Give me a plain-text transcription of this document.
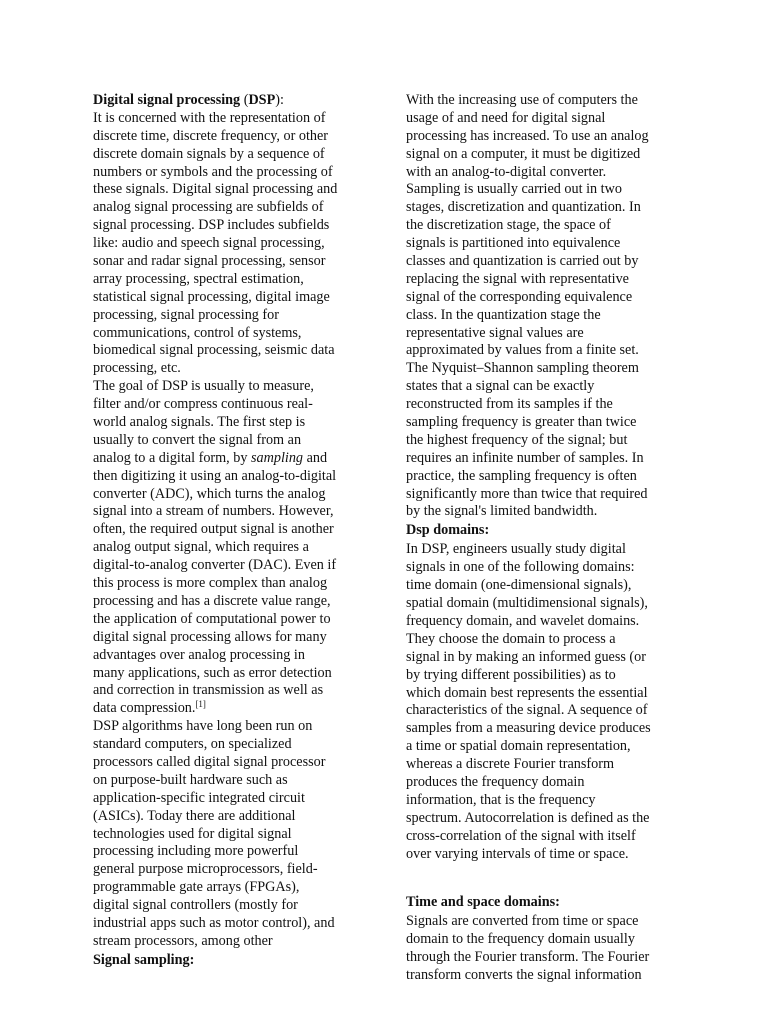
Digital signal processing (DSP):
It is concerned with the representation of
discrete time, discrete frequency, or other
discrete domain signals by a sequence of
numbers or symbols and the processing of
these signals. Digital signal processing and
analog signal processing are subfields of
signal processing. DSP includes subfields
like: audio and speech signal processing,
sonar and radar signal processing, sensor
array processing, spectral estimation,
statistical signal processing, digital image
processing, signal processing for
communications, control of systems,
biomedical signal processing, seismic data
processing, etc.
The goal of DSP is usually to measure,
filter and/or compress continuous real-
world analog signals. The first step is
usually to convert the signal from an
analog to a digital form, by sampling and
then digitizing it using an analog-to-digital
converter (ADC), which turns the analog
signal into a stream of numbers. However,
often, the required output signal is another
analog output signal, which requires a
digital-to-analog converter (DAC). Even if
this process is more complex than analog
processing and has a discrete value range,
the application of computational power to
digital signal processing allows for many
advantages over analog processing in
many applications, such as error detection
and correction in transmission as well as
data compression.[1]
DSP algorithms have long been run on
standard computers, on specialized
processors called digital signal processor
on purpose-built hardware such as
application-specific integrated circuit
(ASICs). Today there are additional
technologies used for digital signal
processing including more powerful
general purpose microprocessors, field-
programmable gate arrays (FPGAs),
digital signal controllers (mostly for
industrial apps such as motor control), and
stream processors, among other
Signal sampling:
With the increasing use of computers the
usage of and need for digital signal
processing has increased. To use an analog
signal on a computer, it must be digitized
with an analog-to-digital converter.
Sampling is usually carried out in two
stages, discretization and quantization. In
the discretization stage, the space of
signals is partitioned into equivalence
classes and quantization is carried out by
replacing the signal with representative
signal of the corresponding equivalence
class. In the quantization stage the
representative signal values are
approximated by values from a finite set.
The Nyquist–Shannon sampling theorem
states that a signal can be exactly
reconstructed from its samples if the
sampling frequency is greater than twice
the highest frequency of the signal; but
requires an infinite number of samples. In
practice, the sampling frequency is often
significantly more than twice that required
by the signal's limited bandwidth.
Dsp domains:
In DSP, engineers usually study digital
signals in one of the following domains:
time domain (one-dimensional signals),
spatial domain (multidimensional signals),
frequency domain, and wavelet domains.
They choose the domain to process a
signal in by making an informed guess (or
by trying different possibilities) as to
which domain best represents the essential
characteristics of the signal. A sequence of
samples from a measuring device produces
a time or spatial domain representation,
whereas a discrete Fourier transform
produces the frequency domain
information, that is the frequency
spectrum. Autocorrelation is defined as the
cross-correlation of the signal with itself
over varying intervals of time or space.
Time and space domains:
Signals are converted from time or space
domain to the frequency domain usually
through the Fourier transform. The Fourier
transform converts the signal information
